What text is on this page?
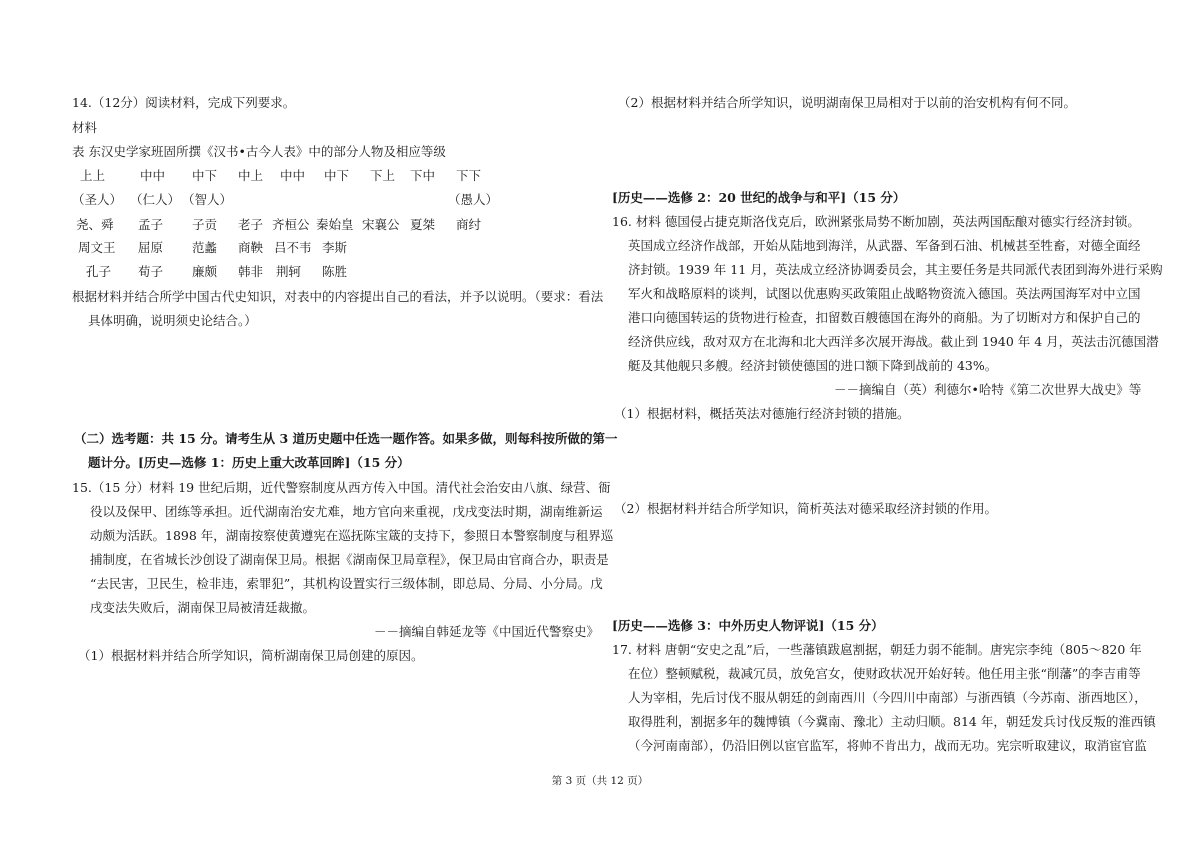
14.（12分）阅读材料，完成下列要求。
材料
表 东汉史学家班固所撰《汉书•古今人表》中的部分人物及相应等级
上上	中中 中下 中上 中中 中下 下上 下中 下下
（圣人） （仁人） （智人）	（愚人）
尧、舜 孟子 子贡 老子 齐桓公 秦始皇 宋襄公 夏桀 商纣
周文王 屈原 范蠡 商鞅 吕不韦 李斯
孔子 荀子 廉颇 韩非 荆轲 陈胜
根据材料并结合所学中国古代史知识，对表中的内容提出自己的看法，并予以说明。（要求：看法
具体明确，说明须史论结合。）
（二）选考题：共 15 分。请考生从 3 道历史题中任选一题作答。如果多做，则每科按所做的第一
题计分。[历史—选修 1：历史上重大改革回眸]（15 分）
15.（15 分）材料 19 世纪后期，近代警察制度从西方传入中国。清代社会治安由八旗、绿营、衙
役以及保甲、团练等承担。近代湖南治安尤难，地方官向来重视，戊戌变法时期，湖南维新运
动颇为活跃。1898 年，湖南按察使黄遵宪在巡抚陈宝箴的支持下，参照日本警察制度与租界巡
捕制度，在省城长沙创设了湖南保卫局。根据《湖南保卫局章程》，保卫局由官商合办，职责是
“去民害，卫民生，检非违，索罪犯”，其机构设置实行三级体制，即总局、分局、小分局。戊
戌变法失败后，湖南保卫局被清廷裁撤。
－－摘编自韩延龙等《中国近代警察史》
（1）根据材料并结合所学知识，简析湖南保卫局创建的原因。
（2）根据材料并结合所学知识，说明湖南保卫局相对于以前的治安机构有何不同。
[历史——选修 2：20 世纪的战争与和平]（15 分）
16. 材料 德国侵占捷克斯洛伐克后，欧洲紧张局势不断加剧，英法两国酝酿对德实行经济封锁。
英国成立经济作战部，开始从陆地到海洋，从武器、军备到石油、机械甚至牲畜，对德全面经
济封锁。1939 年 11 月，英法成立经济协调委员会，其主要任务是共同派代表团到海外进行采购
军火和战略原料的谈判，试图以优惠购买政策阻止战略物资流入德国。英法两国海军对中立国
港口向德国转运的货物进行检查，扣留数百艘德国在海外的商船。为了切断对方和保护自己的
经济供应线，敌对双方在北海和北大西洋多次展开海战。截止到 1940 年 4 月，英法击沉德国潜
艇及其他舰只多艘。经济封锁使德国的进口额下降到战前的 43%。
－－摘编自（英）利德尔•哈特《第二次世界大战史》等
（1）根据材料，概括英法对德施行经济封锁的措施。
（2）根据材料并结合所学知识，简析英法对德采取经济封锁的作用。
[历史——选修 3：中外历史人物评说]（15 分）
17. 材料 唐朝“安史之乱”后，一些藩镇跋扈割据，朝廷力弱不能制。唐宪宗李纯（805～820 年
在位）整顿赋税，裁减冗员，放免宫女，使财政状况开始好转。他任用主张“削藩”的李吉甫等
人为宰相，先后讨伐不服从朝廷的剑南西川（今四川中南部）与浙西镇（今苏南、浙西地区），
取得胜利，割据多年的魏博镇（今冀南、豫北）主动归顺。814 年，朝廷发兵讨伐反叛的淮西镇
（今河南南部），仍沿旧例以宦官监军，将帅不肯出力，战而无功。宪宗听取建议，取消宦官监
第 3 页（共 12 页）
